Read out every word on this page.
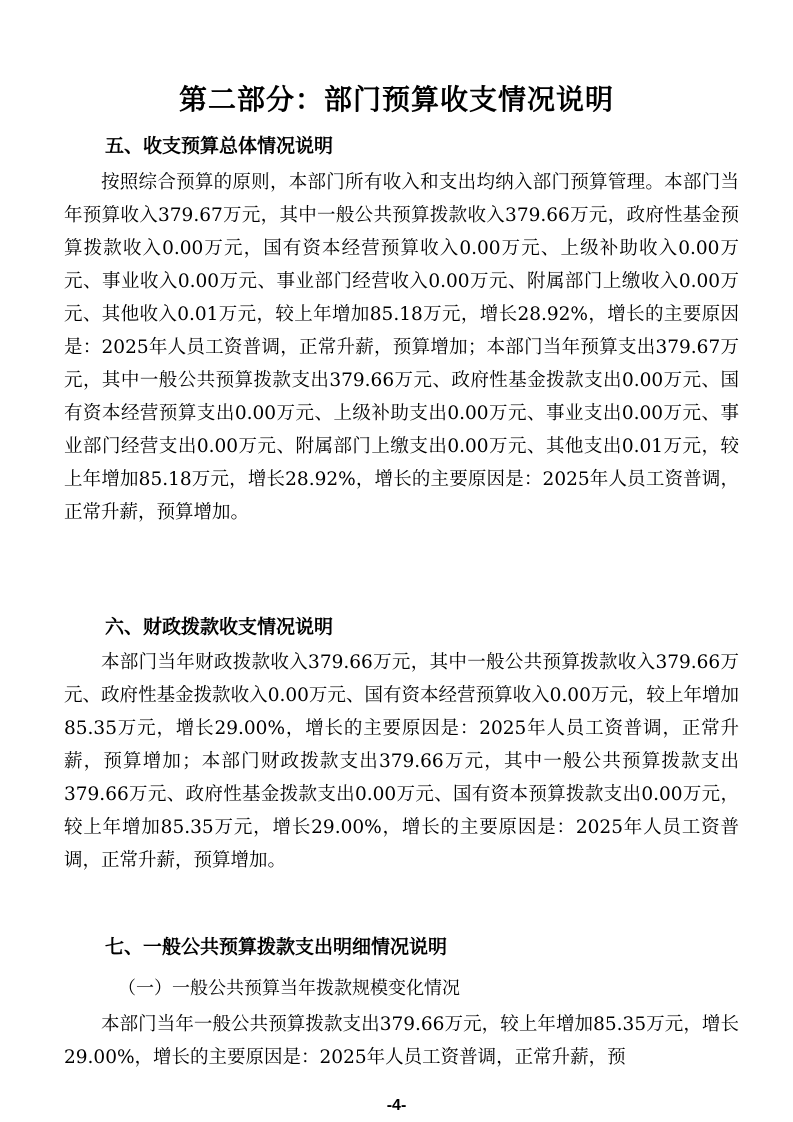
第二部分：部门预算收支情况说明
五、收支预算总体情况说明
按照综合预算的原则，本部门所有收入和支出均纳入部门预算管理。本部门当年预算收入379.67万元，其中一般公共预算拨款收入379.66万元，政府性基金预算拨款收入0.00万元，国有资本经营预算收入0.00万元、上级补助收入0.00万元、事业收入0.00万元、事业部门经营收入0.00万元、附属部门上缴收入0.00万元、其他收入0.01万元，较上年增加85.18万元，增长28.92%，增长的主要原因是：2025年人员工资普调，正常升薪，预算增加；本部门当年预算支出379.67万元，其中一般公共预算拨款支出379.66万元、政府性基金拨款支出0.00万元、国有资本经营预算支出0.00万元、上级补助支出0.00万元、事业支出0.00万元、事业部门经营支出0.00万元、附属部门上缴支出0.00万元、其他支出0.01万元，较上年增加85.18万元，增长28.92%，增长的主要原因是：2025年人员工资普调，正常升薪，预算增加。
六、财政拨款收支情况说明
本部门当年财政拨款收入379.66万元，其中一般公共预算拨款收入379.66万元、政府性基金拨款收入0.00万元、国有资本经营预算收入0.00万元，较上年增加85.35万元，增长29.00%，增长的主要原因是：2025年人员工资普调，正常升薪，预算增加；本部门财政拨款支出379.66万元，其中一般公共预算拨款支出379.66万元、政府性基金拨款支出0.00万元、国有资本预算拨款支出0.00万元，较上年增加85.35万元，增长29.00%，增长的主要原因是：2025年人员工资普调，正常升薪，预算增加。
七、一般公共预算拨款支出明细情况说明
（一）一般公共预算当年拨款规模变化情况
本部门当年一般公共预算拨款支出379.66万元，较上年增加85.35万元，增长29.00%，增长的主要原因是：2025年人员工资普调，正常升薪，预
-4-
